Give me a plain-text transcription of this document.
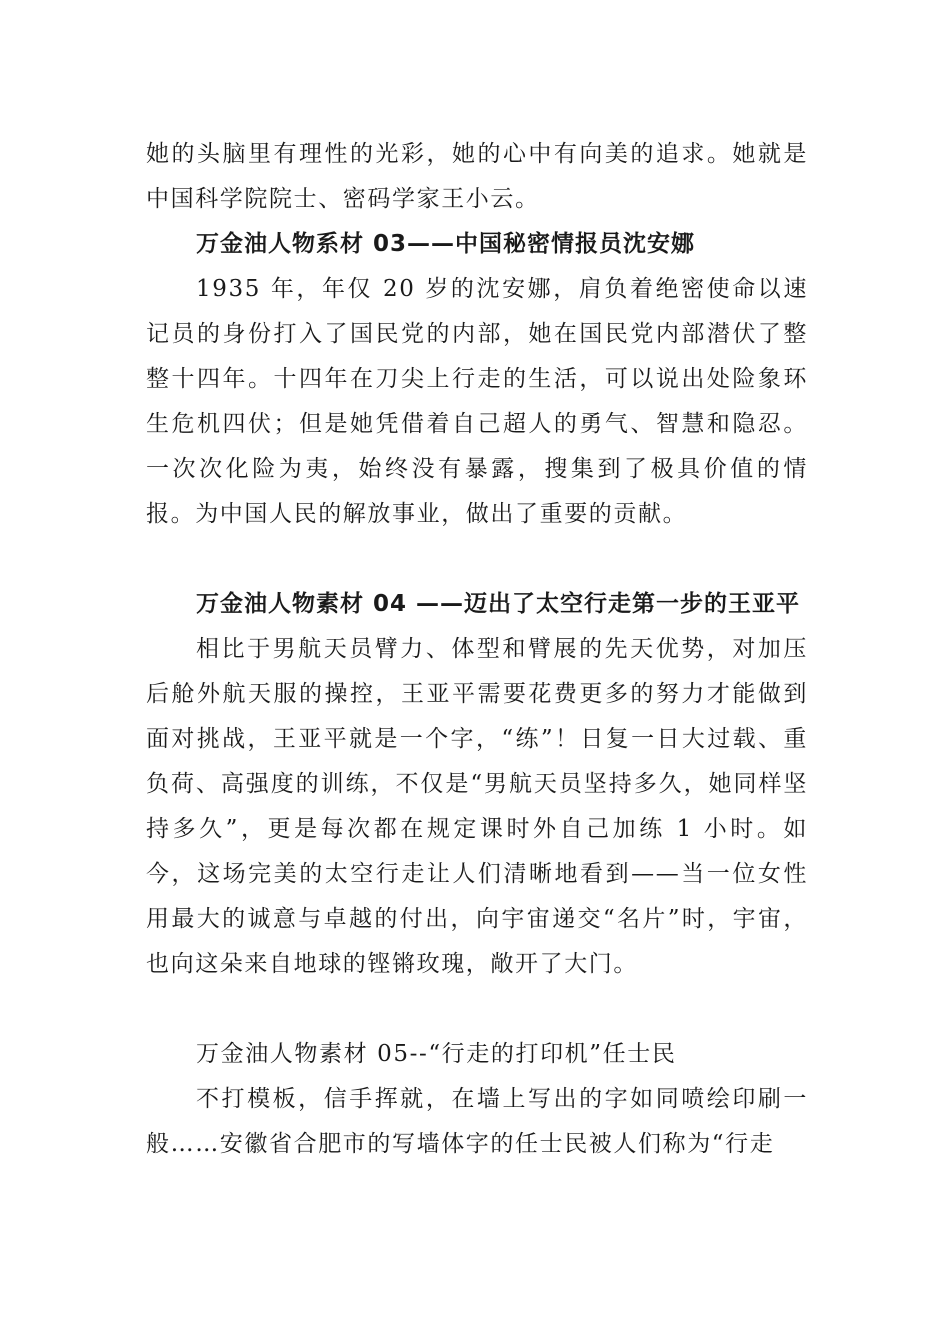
她的头脑里有理性的光彩，她的心中有向美的追求。她就是中国科学院院士、密码学家王小云。

万金油人物系材 03——中国秘密情报员沈安娜

1935 年，年仅 20 岁的沈安娜，肩负着绝密使命以速记员的身份打入了国民党的内部，她在国民党内部潜伏了整整十四年。十四年在刀尖上行走的生活，可以说出处险象环生危机四伏；但是她凭借着自己超人的勇气、智慧和隐忍。一次次化险为夷，始终没有暴露，搜集到了极具价值的情报。为中国人民的解放事业，做出了重要的贡献。

万金油人物素材 04 ——迈出了太空行走第一步的王亚平

相比于男航天员臂力、体型和臂展的先天优势，对加压后舱外航天服的操控，王亚平需要花费更多的努力才能做到面对挑战，王亚平就是一个字，“练”！日复一日大过载、重负荷、高强度的训练，不仅是“男航天员坚持多久，她同样坚持多久”，更是每次都在规定课时外自己加练 1 小时。如今，这场完美的太空行走让人们清晰地看到——当一位女性用最大的诚意与卓越的付出，向宇宙递交“名片”时，宇宙，也向这朵来自地球的铿锵玫瑰，敞开了大门。

万金油人物素材 05--“行走的打印机”任士民

不打模板，信手挥就，在墙上写出的字如同喷绘印刷一般……安徽省合肥市的写墙体字的任士民被人们称为“行走
